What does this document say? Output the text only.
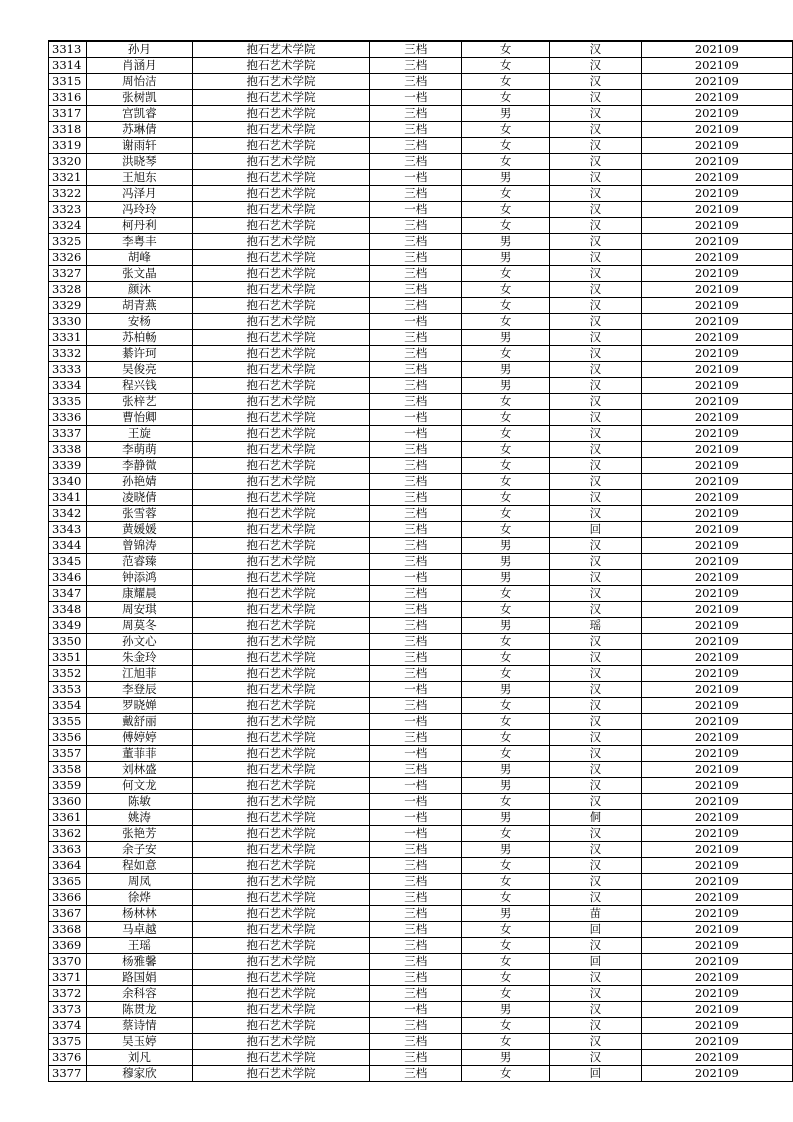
3313	孙月	抱石艺术学院	三档	女	汉	202109
3314	肖涵月	抱石艺术学院	三档	女	汉	202109
3315	周怡洁	抱石艺术学院	三档	女	汉	202109
3316	张树凯	抱石艺术学院	一档	女	汉	202109
3317	宫凯睿	抱石艺术学院	三档	男	汉	202109
3318	苏琳倩	抱石艺术学院	三档	女	汉	202109
3319	谢雨轩	抱石艺术学院	三档	女	汉	202109
3320	洪晓琴	抱石艺术学院	三档	女	汉	202109
3321	王旭东	抱石艺术学院	一档	男	汉	202109
3322	冯泽月	抱石艺术学院	三档	女	汉	202109
3323	冯玲玲	抱石艺术学院	一档	女	汉	202109
3324	柯丹利	抱石艺术学院	三档	女	汉	202109
3325	李粤丰	抱石艺术学院	三档	男	汉	202109
3326	胡峰	抱石艺术学院	三档	男	汉	202109
3327	张文晶	抱石艺术学院	三档	女	汉	202109
3328	颜沐	抱石艺术学院	三档	女	汉	202109
3329	胡青燕	抱石艺术学院	三档	女	汉	202109
3330	安杨	抱石艺术学院	一档	女	汉	202109
3331	苏柏畅	抱石艺术学院	三档	男	汉	202109
3332	綦许珂	抱石艺术学院	三档	女	汉	202109
3333	吴俊亮	抱石艺术学院	三档	男	汉	202109
3334	程兴钱	抱石艺术学院	三档	男	汉	202109
3335	张梓艺	抱石艺术学院	三档	女	汉	202109
3336	曹怡卿	抱石艺术学院	一档	女	汉	202109
3337	王旋	抱石艺术学院	一档	女	汉	202109
3338	李萌萌	抱石艺术学院	三档	女	汉	202109
3339	李静微	抱石艺术学院	三档	女	汉	202109
3340	孙艳婧	抱石艺术学院	三档	女	汉	202109
3341	凌晓倩	抱石艺术学院	三档	女	汉	202109
3342	张雪蓉	抱石艺术学院	三档	女	汉	202109
3343	黄媛媛	抱石艺术学院	三档	女	回	202109
3344	曾锦涛	抱石艺术学院	三档	男	汉	202109
3345	范睿臻	抱石艺术学院	三档	男	汉	202109
3346	钟添鸿	抱石艺术学院	一档	男	汉	202109
3347	康耀晨	抱石艺术学院	三档	女	汉	202109
3348	周安琪	抱石艺术学院	三档	女	汉	202109
3349	周莫冬	抱石艺术学院	三档	男	瑶	202109
3350	孙文心	抱石艺术学院	三档	女	汉	202109
3351	朱金玲	抱石艺术学院	三档	女	汉	202109
3352	江旭菲	抱石艺术学院	三档	女	汉	202109
3353	李登辰	抱石艺术学院	一档	男	汉	202109
3354	罗晓婵	抱石艺术学院	三档	女	汉	202109
3355	戴舒丽	抱石艺术学院	一档	女	汉	202109
3356	傅婷婷	抱石艺术学院	三档	女	汉	202109
3357	董菲菲	抱石艺术学院	一档	女	汉	202109
3358	刘林盛	抱石艺术学院	三档	男	汉	202109
3359	何文龙	抱石艺术学院	一档	男	汉	202109
3360	陈敏	抱石艺术学院	一档	女	汉	202109
3361	姚涛	抱石艺术学院	一档	男	侗	202109
3362	张艳芳	抱石艺术学院	一档	女	汉	202109
3363	余子安	抱石艺术学院	三档	男	汉	202109
3364	程如意	抱石艺术学院	三档	女	汉	202109
3365	周凤	抱石艺术学院	三档	女	汉	202109
3366	徐烨	抱石艺术学院	三档	女	汉	202109
3367	杨林林	抱石艺术学院	三档	男	苗	202109
3368	马卓越	抱石艺术学院	三档	女	回	202109
3369	王瑶	抱石艺术学院	三档	女	汉	202109
3370	杨雅馨	抱石艺术学院	三档	女	回	202109
3371	路国娟	抱石艺术学院	三档	女	汉	202109
3372	余科容	抱石艺术学院	三档	女	汉	202109
3373	陈贯龙	抱石艺术学院	一档	男	汉	202109
3374	蔡诗情	抱石艺术学院	三档	女	汉	202109
3375	吴玉婷	抱石艺术学院	三档	女	汉	202109
3376	刘凡	抱石艺术学院	三档	男	汉	202109
3377	穆家欣	抱石艺术学院	三档	女	回	202109
